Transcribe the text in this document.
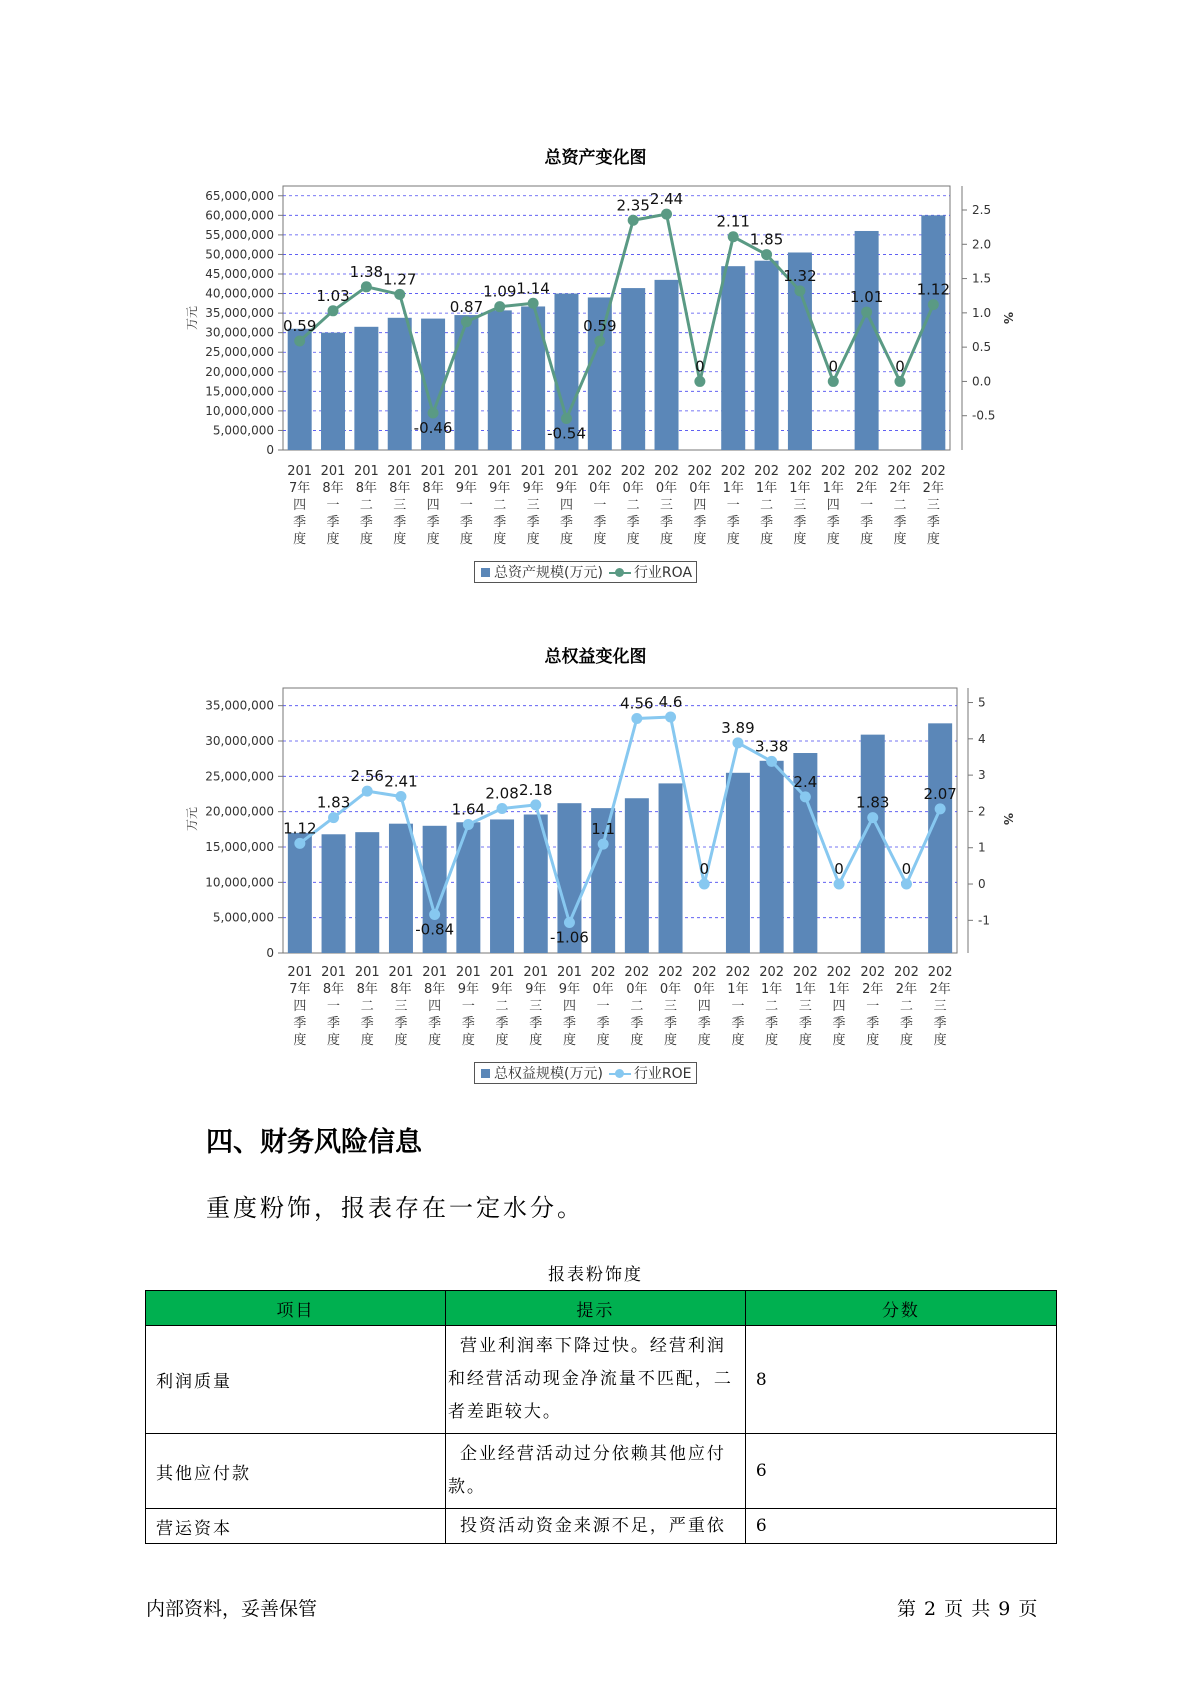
总资产变化图
65,000,000
60,000,000
55,000,000
50,000,000
45,000,000
40,000,000
35,000,000
30,000,000
25,000,000
20,000,000
15,000,000
10,000,000
5,000,000
0
2.5
2.0
1.5
1.0
0.5
0.0
-0.5
万元	%
201
7年
四
季
度
201
8年
一
季
度
201
8年
二
季
度
201
8年
三
季
度
201
8年
四
季
度
201
9年
一
季
度
201
9年
二
季
度
201
9年
三
季
度
201
9年
四
季
度
202
0年
一
季
度
202
0年
二
季
度
202
0年
三
季
度
202
0年
四
季
度
202
1年
一
季
度
202
1年
二
季
度
202
1年
三
季
度
202
1年
四
季
度
202
2年
一
季
度
202
2年
二
季
度
202
2年
三
季
度
0.59
1.03
1.38 1.27
-0.46
0.87
1.09 1.14
-0.54
0.59
2.35 2.44
0
2.11
1.85
1.32
0
1.01
0
1.12
总资产规模(万元) 行业ROA
总权益变化图
35,000,000
30,000,000
25,000,000
20,000,000
15,000,000
10,000,000
5,000,000
0
5
4
3
2
1
0
-1
万元	%
201
7年
四
季
度
201
8年
一
季
度
201
8年
二
季
度
201
8年
三
季
度
201
8年
四
季
度
201
9年
一
季
度
201
9年
二
季
度
201
9年
三
季
度
201
9年
四
季
度
202
0年
一
季
度
202
0年
二
季
度
202
0年
三
季
度
202
0年
四
季
度
202
1年
一
季
度
202
1年
二
季
度
202
1年
三
季
度
202
1年
四
季
度
202
2年
一
季
度
202
2年
二
季
度
202
2年
三
季
度
1.12
1.83
2.56 2.41
-0.84
1.64
2.08 2.18
-1.06
1.1
4.56 4.6
0
3.89
3.38
2.4
0
1.83
0
2.07
总权益规模(万元) 行业ROE
四、财务风险信息
重度粉饰，报表存在一定水分。
报表粉饰度
项目	提示	分数
利润质量	营业利润率下降过快。经营利润和经营活动现金净流量不匹配，二者差距较大。	8
其他应付款	企业经营活动过分依赖其他应付款。	6
营运资本	投资活动资金来源不足，严重依	6
内部资料，妥善保管	第 2 页 共 9 页
